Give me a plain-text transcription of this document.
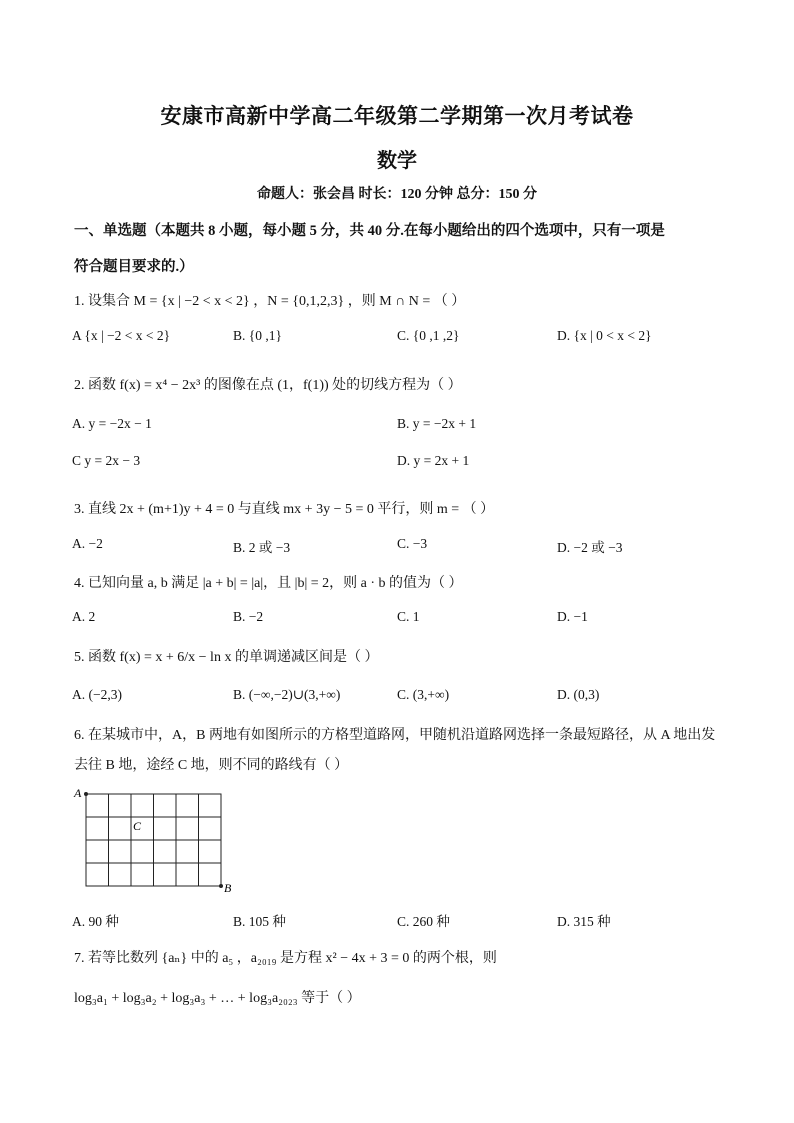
安康市高新中学高二年级第二学期第一次月考试卷
数学
命题人：张会昌 时长：120 分钟 总分：150 分
一、单选题（本题共 8 小题，每小题 5 分，共 40 分.在每小题给出的四个选项中，只有一项是
符合题目要求的.）
1. 设集合 M = {x | −2 < x < 2} ，N = {0,1,2,3} ，则 M ∩ N = （ ）
A {x | −2 < x < 2}	B. {0 ,1}	C. {0 ,1 ,2}	D. {x | 0 < x < 2}
2. 函数 f(x) = x⁴ − 2x³ 的图像在点 (1，f(1)) 处的切线方程为（ ）
A. y = −2x − 1	B. y = −2x + 1
C y = 2x − 3	D. y = 2x + 1
3. 直线 2x + (m+1)y + 4 = 0 与直线 mx + 3y − 5 = 0 平行，则 m = （ ）
A. −2	B. 2 或 −3	C. −3	D. −2 或 −3
4. 已知向量 a, b 满足 |a + b| = |a|，且 |b| = 2，则 a · b 的值为（ ）
A. 2	B. −2	C. 1	D. −1
5. 函数 f(x) = x + 6/x − ln x 的单调递减区间是（ ）
A. (−2,3)	B. (−∞,−2)∪(3,+∞)	C. (3,+∞)	D. (0,3)
6. 在某城市中，A，B 两地有如图所示的方格型道路网，甲随机沿道路网选择一条最短路径，从 A 地出发
去往 B 地，途经 C 地，则不同的路线有（ ）
A
B
C
A. 90 种	B. 105 种	C. 260 种	D. 315 种
7. 若等比数列 {aₙ} 中的 a₅ ，a₂₀₁₉ 是方程 x² − 4x + 3 = 0 的两个根，则
log₃a₁ + log₃a₂ + log₃a₃ + … + log₃a₂₀₂₃ 等于（ ）
